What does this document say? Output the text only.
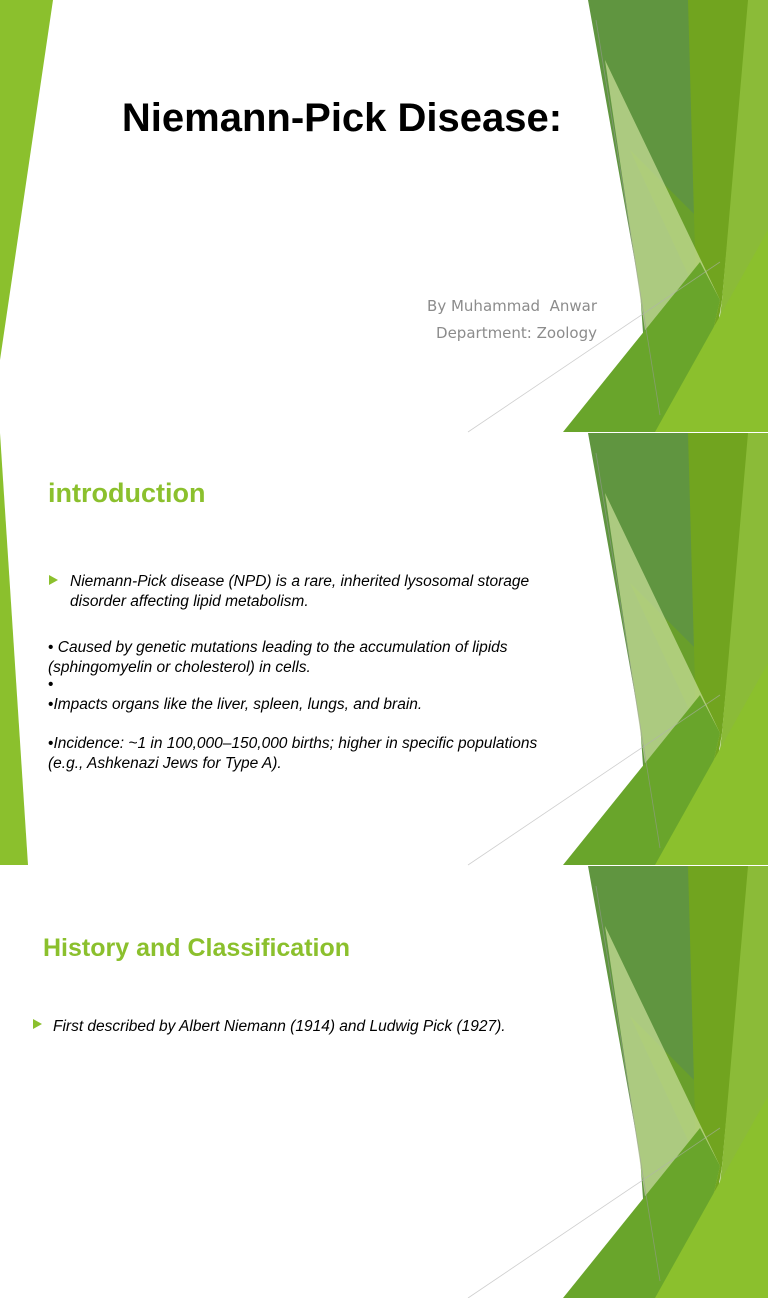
Niemann-Pick Disease:
By Muhammad  Anwar
Department: Zoology
introduction

Niemann-Pick disease (NPD) is a rare, inherited lysosomal storage disorder affecting lipid metabolism.

• Caused by genetic mutations leading to the accumulation of lipids (sphingomyelin or cholesterol) in cells.

•

•Impacts organs like the liver, spleen, lungs, and brain.

•Incidence: ~1 in 100,000–150,000 births; higher in specific populations (e.g., Ashkenazi Jews for Type A).

History and Classification

First described by Albert Niemann (1914) and Ludwig Pick (1927).
